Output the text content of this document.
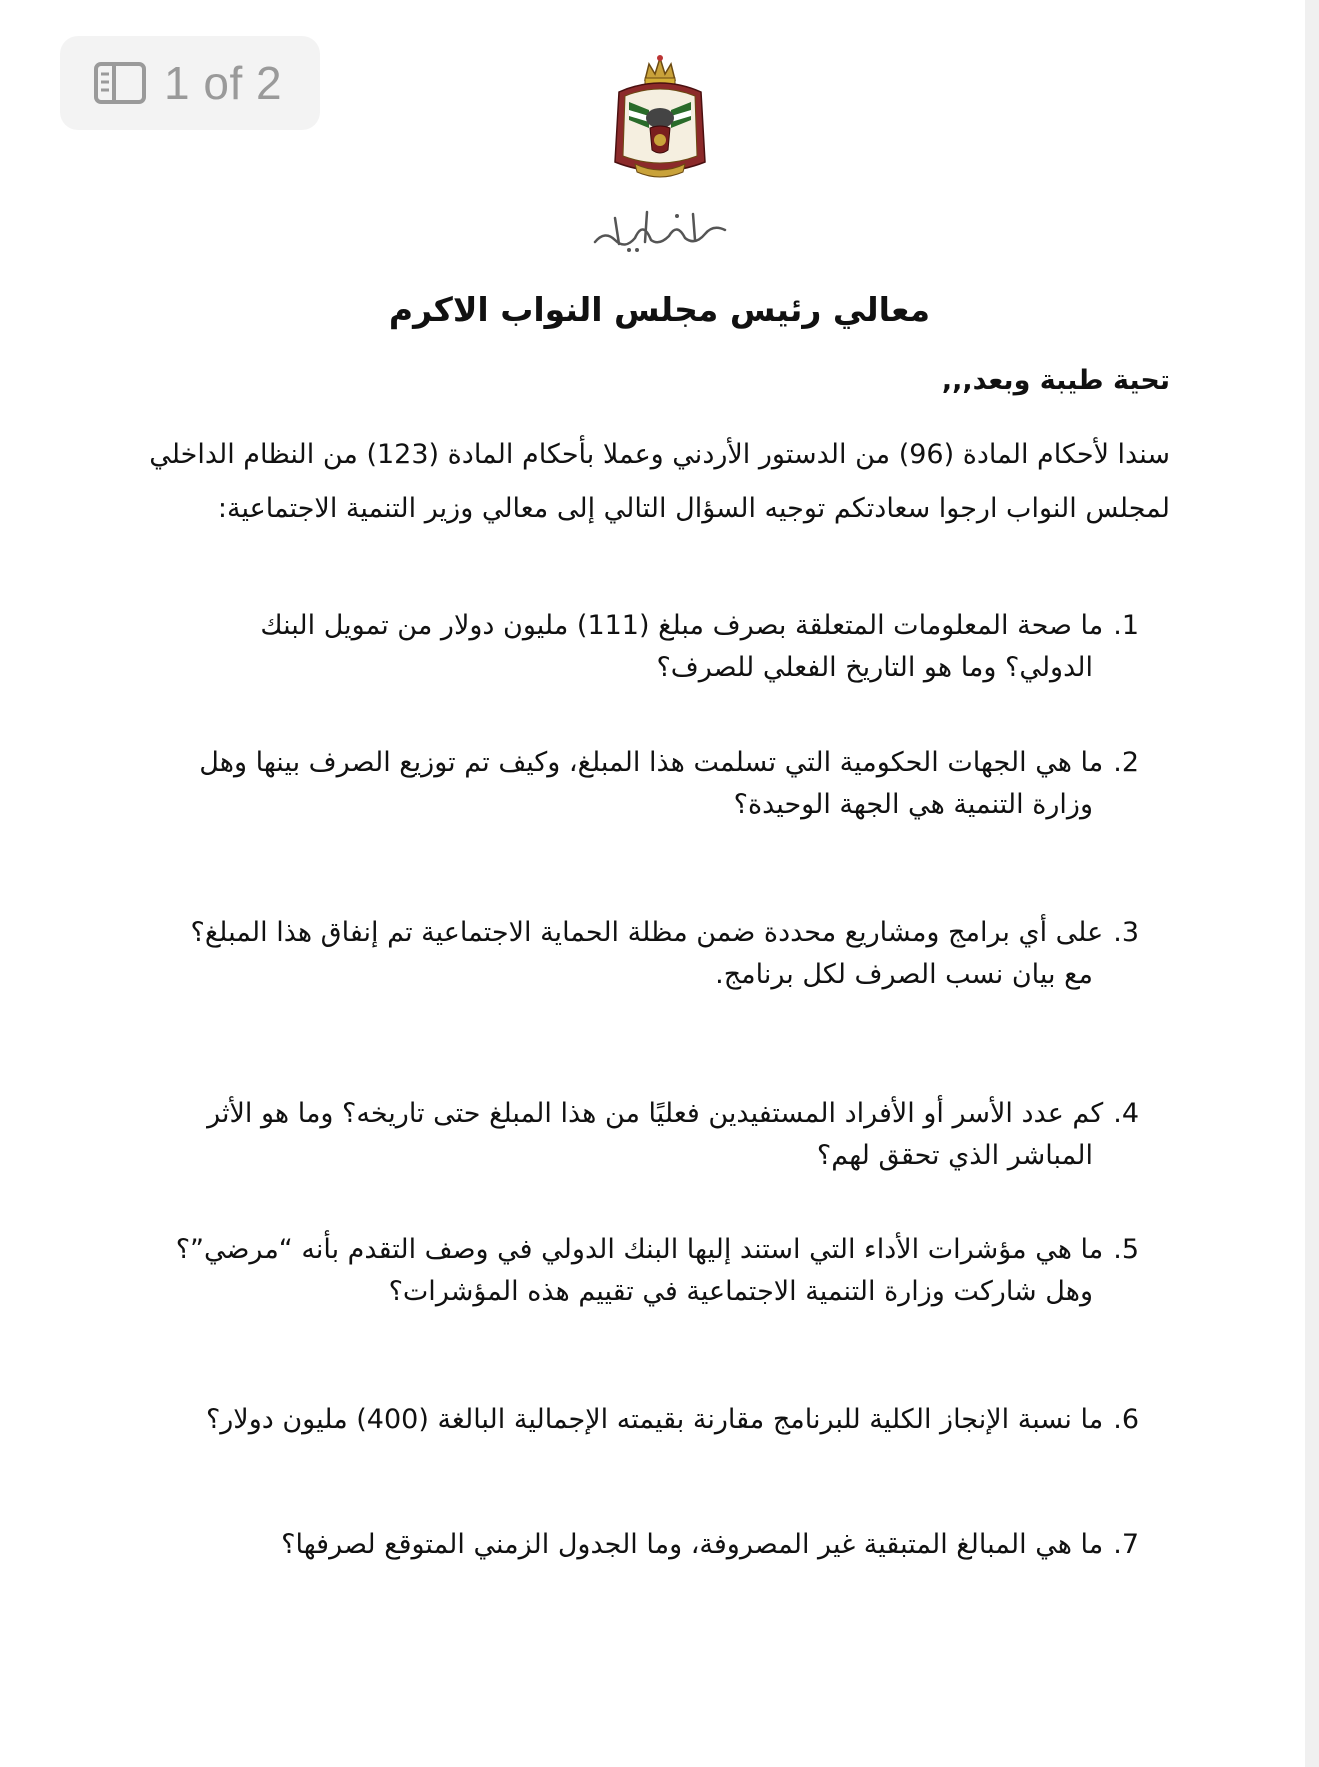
1 of 2
معالي رئيس مجلس النواب الاكرم
تحية طيبة وبعد,,,
سندا لأحكام المادة (96) من الدستور الأردني وعملا بأحكام المادة (123) من النظام الداخلي
لمجلس النواب ارجوا سعادتكم توجيه السؤال التالي إلى معالي وزير التنمية الاجتماعية:
1.ما صحة المعلومات المتعلقة بصرف مبلغ (111) مليون دولار من تمويل البنك
الدولي؟ وما هو التاريخ الفعلي للصرف؟
2.ما هي الجهات الحكومية التي تسلمت هذا المبلغ، وكيف تم توزيع الصرف بينها وهل
وزارة التنمية هي الجهة الوحيدة؟
3.على أي برامج ومشاريع محددة ضمن مظلة الحماية الاجتماعية تم إنفاق هذا المبلغ؟
مع بيان نسب الصرف لكل برنامج.
4.كم عدد الأسر أو الأفراد المستفيدين فعليًا من هذا المبلغ حتى تاريخه؟ وما هو الأثر
المباشر الذي تحقق لهم؟
5.ما هي مؤشرات الأداء التي استند إليها البنك الدولي في وصف التقدم بأنه “مرضي”؟
وهل شاركت وزارة التنمية الاجتماعية في تقييم هذه المؤشرات؟
6.ما نسبة الإنجاز الكلية للبرنامج مقارنة بقيمته الإجمالية البالغة (400) مليون دولار؟
7.ما هي المبالغ المتبقية غير المصروفة، وما الجدول الزمني المتوقع لصرفها؟
